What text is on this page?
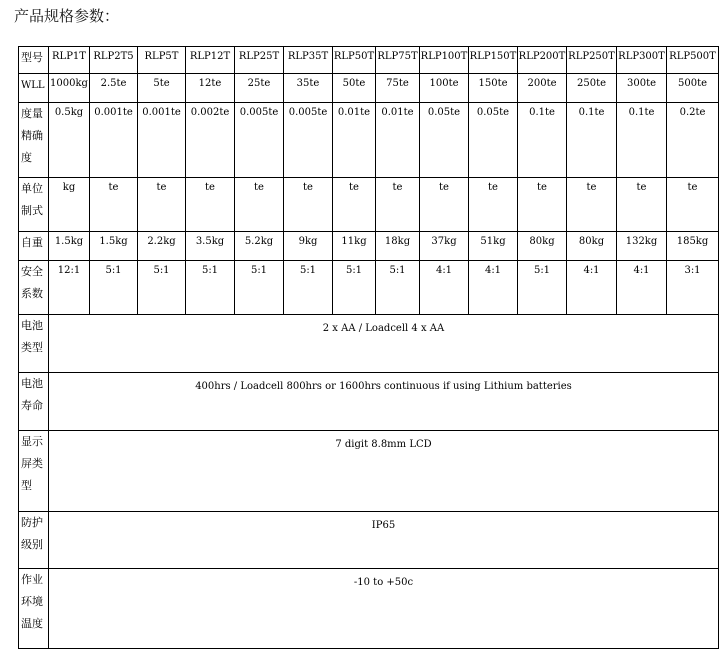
产品规格参数：
型号	RLP1T	RLP2T5	RLP5T	RLP12T	RLP25T	RLP35T	RLP50T	RLP75T	RLP100T	RLP150T	RLP200T	RLP250T	RLP300T	RLP500T
WLL	1000kg	2.5te	5te	12te	25te	35te	50te	75te	100te	150te	200te	250te	300te	500te

度量
精确
度	0.5kg	0.001te	0.001te	0.002te	0.005te	0.005te	0.01te	0.01te	0.05te	0.05te	0.1te	0.1te	0.1te	0.2te

单位
制式	kg	te	te	te	te	te	te	te	te	te	te	te	te	te
自重	1.5kg	1.5kg	2.2kg	3.5kg	5.2kg	9kg	11kg	18kg	37kg	51kg	80kg	80kg	132kg	185kg

安全
系数	12:1	5:1	5:1	5:1	5:1	5:1	5:1	5:1	4:1	4:1	5:1	4:1	4:1	3:1

电池
类型	2 x AA / Loadcell 4 x AA													

电池
寿命	400hrs / Loadcell 800hrs or 1600hrs continuous if using Lithium batteries													

显示
屏类
型	7 digit 8.8mm LCD													

防护
级别	IP65													

作业
环境
温度	-10 to +50c													
